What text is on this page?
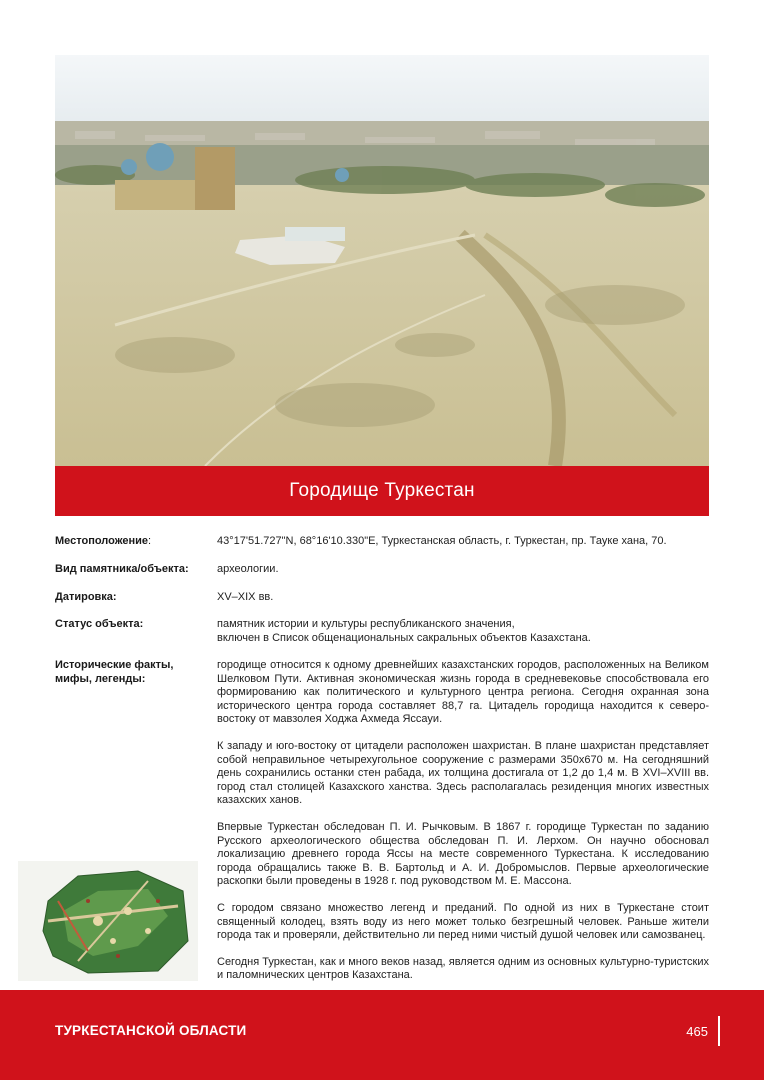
Городище Туркестан
Местоположение:	43°17'51.727"N, 68°16'10.330"E, Туркестанская область, г. Туркестан, пр. Тауке хана, 70.
Вид памятника/объекта:	археологии.
Датировка:	XV–XIX вв.
Статус объекта:	памятник истории и культуры республиканского значения,
включен в Список общенациональных сакральных объектов Казахстана.
Исторические факты, мифы, легенды:

городище относится к одному древнейших казахстанских городов, расположенных на Великом Шелковом Пути. Активная экономическая жизнь города в средневековье способствовала его формированию как политического и культурного центра региона. Сегодня охранная зона исторического центра города составляет 88,7 га. Цитадель городища находится к северо-востоку от мавзолея Ходжа Ахмеда Яссауи.

К западу и юго-востоку от цитадели расположен шахристан. В плане шахристан представляет собой неправильное четырехугольное сооружение с размерами 350х670 м. На сегодняшний день сохранились останки стен рабада, их толщина достигала от 1,2 до 1,4 м. В XVI–XVIII вв. город стал столицей Казахского ханства. Здесь располагалась резиденция многих известных казахских ханов.

Впервые Туркестан обследован П. И. Рычковым. В 1867 г. городище Туркестан по заданию Русского археологического общества обследован П. И. Лерхом. Он научно обосновал локализацию древнего города Яссы на месте современного Туркестана. К исследованию города обращались также В. В. Бартольд и А. И. Добромыслов. Первые археологические раскопки были проведены в 1928 г. под руководством М. Е. Массона.

С городом связано множество легенд и преданий. По одной из них в Туркестане стоит священный колодец, взять воду из него может только безгрешный человек. Раньше жители города так и проверяли, действительно ли перед ними чистый душой человек или самозванец.

Сегодня Туркестан, как и много веков назад, является одним из основных культурно-туристских и паломнических центров Казахстана.

ТУРКЕСТАНСКОЙ ОБЛАСТИ	465
